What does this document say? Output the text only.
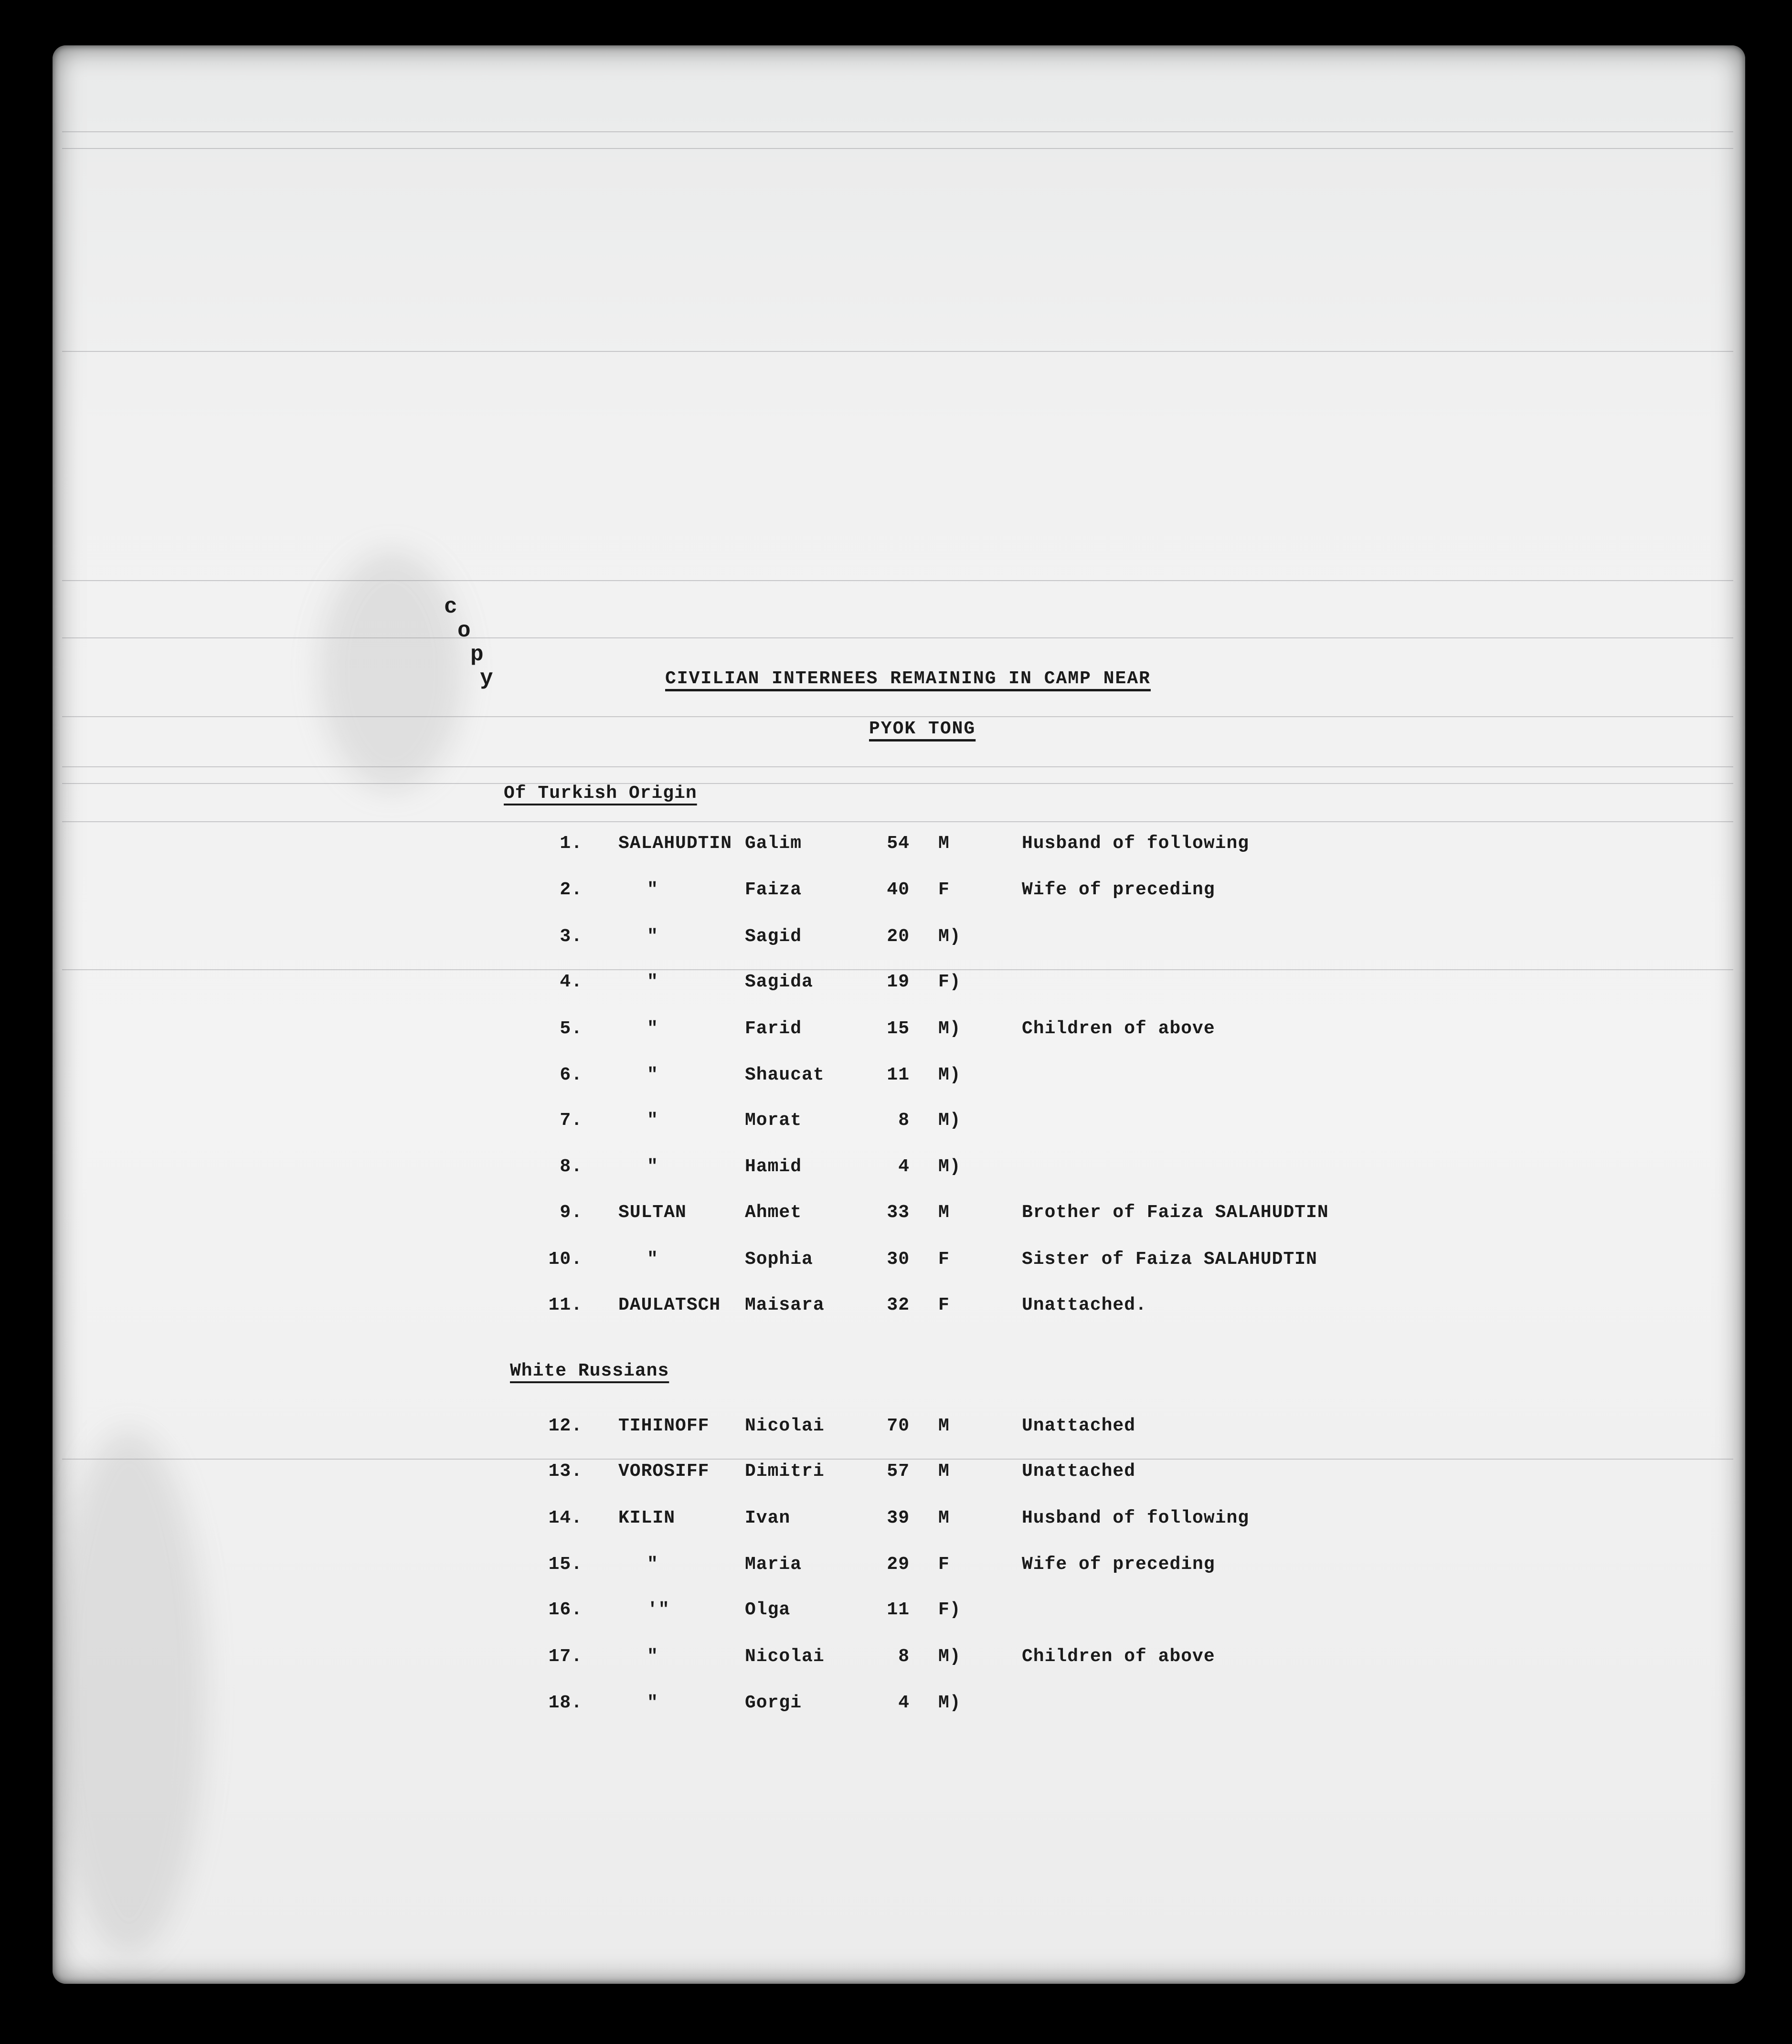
c
o
p
y	CIVILIAN INTERNEES REMAINING IN CAMP NEAR
PYOK TONG
Of Turkish Origin
White Russians
1. SALAHUDTIN Galim	54 M	Husband of following
2.	"	Faiza	40 F	Wife of preceding
3.	"	Sagid	20 M)
4.	"	Sagida	19 F)
5.	"	Farid	15 M)	Children of above
6.	"	Shaucat	11 M)
7.	"	Morat	8 M)
8.	"	Hamid	4 M)
9. SULTAN	Ahmet	33 M	Brother of Faiza SALAHUDTIN
10.	"	Sophia	30 F	Sister of Faiza SALAHUDTIN
11. DAULATSCH Maisara	32 F	Unattached.
12. TIHINOFF Nicolai	70 M	Unattached
13. VOROSIFF Dimitri	57 M	Unattached
14. KILIN	Ivan	39 M	Husband of following
15.	"	Maria	29 F	Wife of preceding
16.	'"	Olga	11 F)
17.	"	Nicolai	8 M)	Children of above
18.	"	Gorgi	4 M)
